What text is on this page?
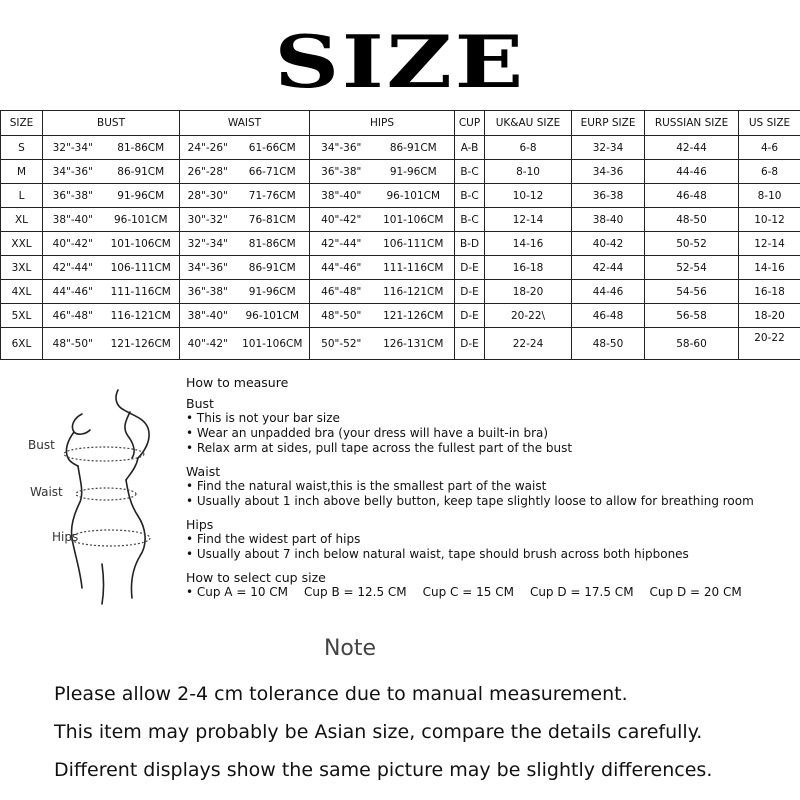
SIZE
SIZE	BUST		WAIST		HIPS		CUP	UK&AU SIZE	EURP SIZE	RUSSIAN SIZE	US SIZE
S	32"-34"	81-86CM	24"-26"	61-66CM	34"-36"	86-91CM	A-B	6-8	32-34	42-44	4-6
M	34"-36"	86-91CM	26"-28"	66-71CM	36"-38"	91-96CM	B-C	8-10	34-36	44-46	6-8
L	36"-38"	91-96CM	28"-30"	71-76CM	38"-40"	96-101CM	B-C	10-12	36-38	46-48	8-10
XL	38"-40"	96-101CM	30"-32"	76-81CM	40"-42"	101-106CM	B-C	12-14	38-40	48-50	10-12
XXL	40"-42"	101-106CM	32"-34"	81-86CM	42"-44"	106-111CM	B-D	14-16	40-42	50-52	12-14
3XL	42"-44"	106-111CM	34"-36"	86-91CM	44"-46"	111-116CM	D-E	16-18	42-44	52-54	14-16
4XL	44"-46"	111-116CM	36"-38"	91-96CM	46"-48"	116-121CM	D-E	18-20	44-46	54-56	16-18
5XL	46"-48"	116-121CM	38"-40"	96-101CM	48"-50"	121-126CM	D-E	20-22\	46-48	56-58	18-20
6XL	48"-50"	121-126CM	40"-42"	101-106CM	50"-52"	126-131CM	D-E	22-24	48-50	58-60	20-22
Bust
Waist
Hips
How to measure
Bust
• This is not your bar size
• Wear an unpadded bra (your dress will have a built-in bra)
• Relax arm at sides, pull tape across the fullest part of the bust
Waist
• Find the natural waist,this is the smallest part of the waist
• Usually about 1 inch above belly button, keep tape slightly loose to allow for breathing room
Hips
• Find the widest part of hips
• Usually about 7 inch below natural waist, tape should brush across both hipbones
How to select cup size
• Cup A = 10 CM Cup B = 12.5 CM Cup C = 15 CM Cup D = 17.5 CM Cup D = 20 CM
Note

Please allow 2-4 cm tolerance due to manual measurement.

This item may probably be Asian size, compare the details carefully.

Different displays show the same picture may be slightly differences.
